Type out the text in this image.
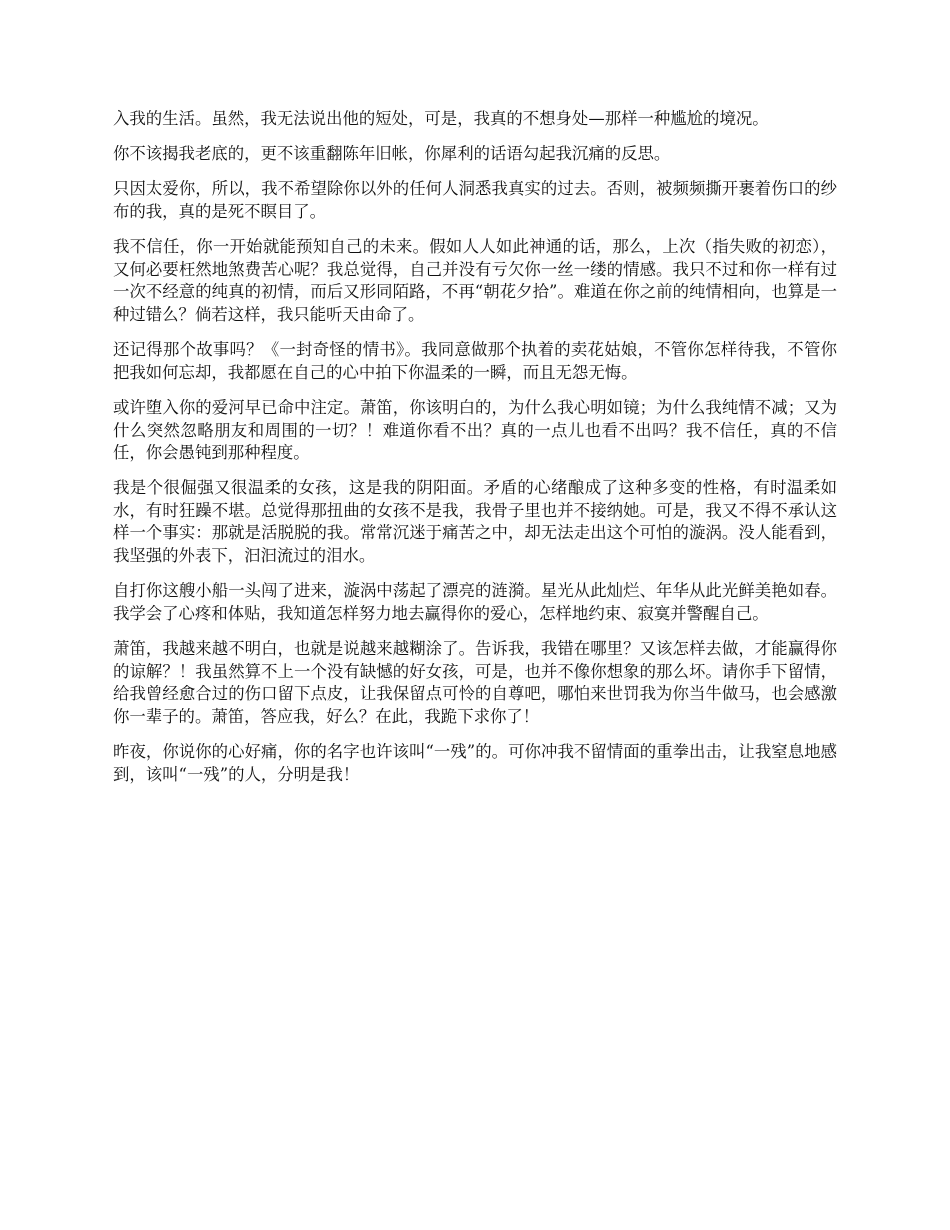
入我的生活。虽然，我无法说出他的短处，可是，我真的不想身处—那样一种尴尬的境况。

你不该揭我老底的，更不该重翻陈年旧帐，你犀利的话语勾起我沉痛的反思。

只因太爱你，所以，我不希望除你以外的任何人洞悉我真实的过去。否则，被频频撕开裹着伤口的纱布的我，真的是死不瞑目了。

我不信任，你一开始就能预知自己的未来。假如人人如此神通的话，那么，上次（指失败的初恋），又何必要枉然地煞费苦心呢？我总觉得，自己并没有亏欠你一丝一缕的情感。我只不过和你一样有过一次不经意的纯真的初情，而后又形同陌路，不再“朝花夕拾”。难道在你之前的纯情相向，也算是一种过错么？倘若这样，我只能听天由命了。

还记得那个故事吗？《一封奇怪的情书》。我同意做那个执着的卖花姑娘，不管你怎样待我，不管你把我如何忘却，我都愿在自己的心中拍下你温柔的一瞬，而且无怨无悔。

或许堕入你的爱河早已命中注定。萧笛，你该明白的，为什么我心明如镜；为什么我纯情不减；又为什么突然忽略朋友和周围的一切？！难道你看不出？真的一点儿也看不出吗？我不信任，真的不信任，你会愚钝到那种程度。

我是个很倔强又很温柔的女孩，这是我的阴阳面。矛盾的心绪酿成了这种多变的性格，有时温柔如水，有时狂躁不堪。总觉得那扭曲的女孩不是我，我骨子里也并不接纳她。可是，我又不得不承认这样一个事实：那就是活脱脱的我。常常沉迷于痛苦之中，却无法走出这个可怕的漩涡。没人能看到，我坚强的外表下，汩汩流过的泪水。

自打你这艘小船一头闯了进来，漩涡中荡起了漂亮的涟漪。星光从此灿烂、年华从此光鲜美艳如春。我学会了心疼和体贴，我知道怎样努力地去赢得你的爱心，怎样地约束、寂寞并警醒自己。

萧笛，我越来越不明白，也就是说越来越糊涂了。告诉我，我错在哪里？又该怎样去做，才能赢得你的谅解？！我虽然算不上一个没有缺憾的好女孩，可是，也并不像你想象的那么坏。请你手下留情，给我曾经愈合过的伤口留下点皮，让我保留点可怜的自尊吧，哪怕来世罚我为你当牛做马，也会感激你一辈子的。萧笛，答应我，好么？在此，我跪下求你了！

昨夜，你说你的心好痛，你的名字也许该叫“一残”的。可你冲我不留情面的重拳出击，让我窒息地感到，该叫“一残”的人，分明是我！
